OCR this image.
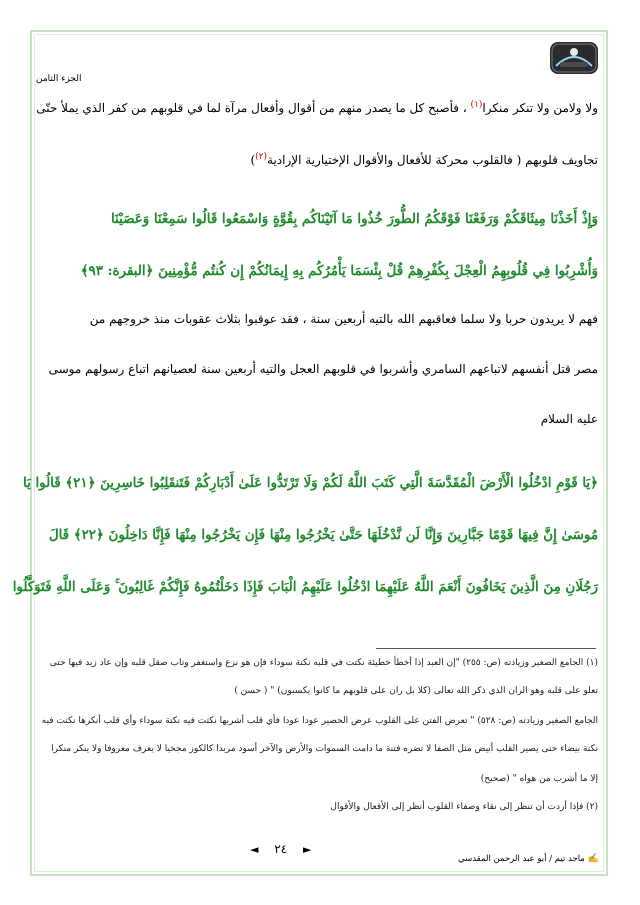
الجزء الثامن

ولا ولامن ولا تنكر منكرا$^{(١)}$ ، فأصبح كل ما يصدر منهم من أقوال وأفعال مرآة لما في قلوبهم من كفر الذي يملأ حتّى

تجاويف قلوبهم ( فالقلوب محركة للأفعال والأقوال الإختيارية الإرادية$^{(٢)}$)

وَإِذْ أَخَذْنَا مِيثَاقَكُمْ وَرَفَعْنَا فَوْقَكُمُ الطُّورَ خُذُوا مَا آتَيْنَاكُم بِقُوَّةٍ وَاسْمَعُوا قَالُوا سَمِعْنَا وَعَصَيْنَا

وَأُشْرِبُوا فِي قُلُوبِهِمُ الْعِجْلَ بِكُفْرِهِمْ قُلْ بِئْسَمَا يَأْمُرُكُم بِهِ إِيمَانُكُمْ إِن كُنتُم مُّؤْمِنِينَ ﴿البقرة: ٩٣﴾

فهم لا يريدون حربا ولا سلما فعاقبهم الله بالتيه أربعين سنة ، فقد عوقبوا بثلاث عقوبات منذ خروجهم من

مصر قتل أنفسهم لاتباعهم السامري وأشربوا في قلوبهم العجل والتيه أربعين سنة لعصيانهم اتباع رسولهم موسى

عليه السلام

﴿يَا قَوْمِ ادْخُلُوا الْأَرْضَ الْمُقَدَّسَةَ الَّتِي كَتَبَ اللَّهُ لَكُمْ وَلَا تَرْتَدُّوا عَلَىٰ أَدْبَارِكُمْ فَتَنقَلِبُوا خَاسِرِينَ ﴿٢١﴾ قَالُوا يَا

مُوسَىٰ إِنَّ فِيهَا قَوْمًا جَبَّارِينَ وَإِنَّا لَن نَّدْخُلَهَا حَتَّىٰ يَخْرُجُوا مِنْهَا فَإِن يَخْرُجُوا مِنْهَا فَإِنَّا دَاخِلُونَ ﴿٢٢﴾ قَالَ

رَجُلَانِ مِنَ الَّذِينَ يَخَافُونَ أَنْعَمَ اللَّهُ عَلَيْهِمَا ادْخُلُوا عَلَيْهِمُ الْبَابَ فَإِذَا دَخَلْتُمُوهُ فَإِنَّكُمْ غَالِبُونَ ۚ وَعَلَى اللَّهِ فَتَوَكَّلُوا

(١) الجامع الصغير وزيادته (ص: ٢٥٥) "إن العبد إذا أخطأ خطيئة نكتت في قلبه نكتة سوداء فإن هو نزع واستغفر وتاب صقل قلبه وإن عاد زيد فيها حتى

تعلو على قلبه وهو الران الذي ذكر الله تعالى (كلا بل ران على قلوبهم ما كانوا يكسبون) " ( حسن )

الجامع الصغير وزيادته (ص: ٥٢٨) " تعرض الفتن على القلوب عرض الحصير عودا عودا فأي قلب أشربها نكتت فيه نكتة سوداء وأي قلب أنكرها نكتت فيه

نكتة بيضاء حتى يصير القلب أبيض مثل الصفا لا تضره فتنة ما دامت السموات والأرض والآخر أسود مربدا كالكوز مجخيا لا يعرف معروفا ولا ينكر منكرا

إلا ما أشرب من هواه " (صحيح)

(٢) فإذا أردت أن تنظر إلى نقاء وصفاء القلوب أنظر إلى الأفعال والأقوال

◄ ٢٤ ►
✍ ماجد تيم / أبو عبد الرحمن المقدسي
